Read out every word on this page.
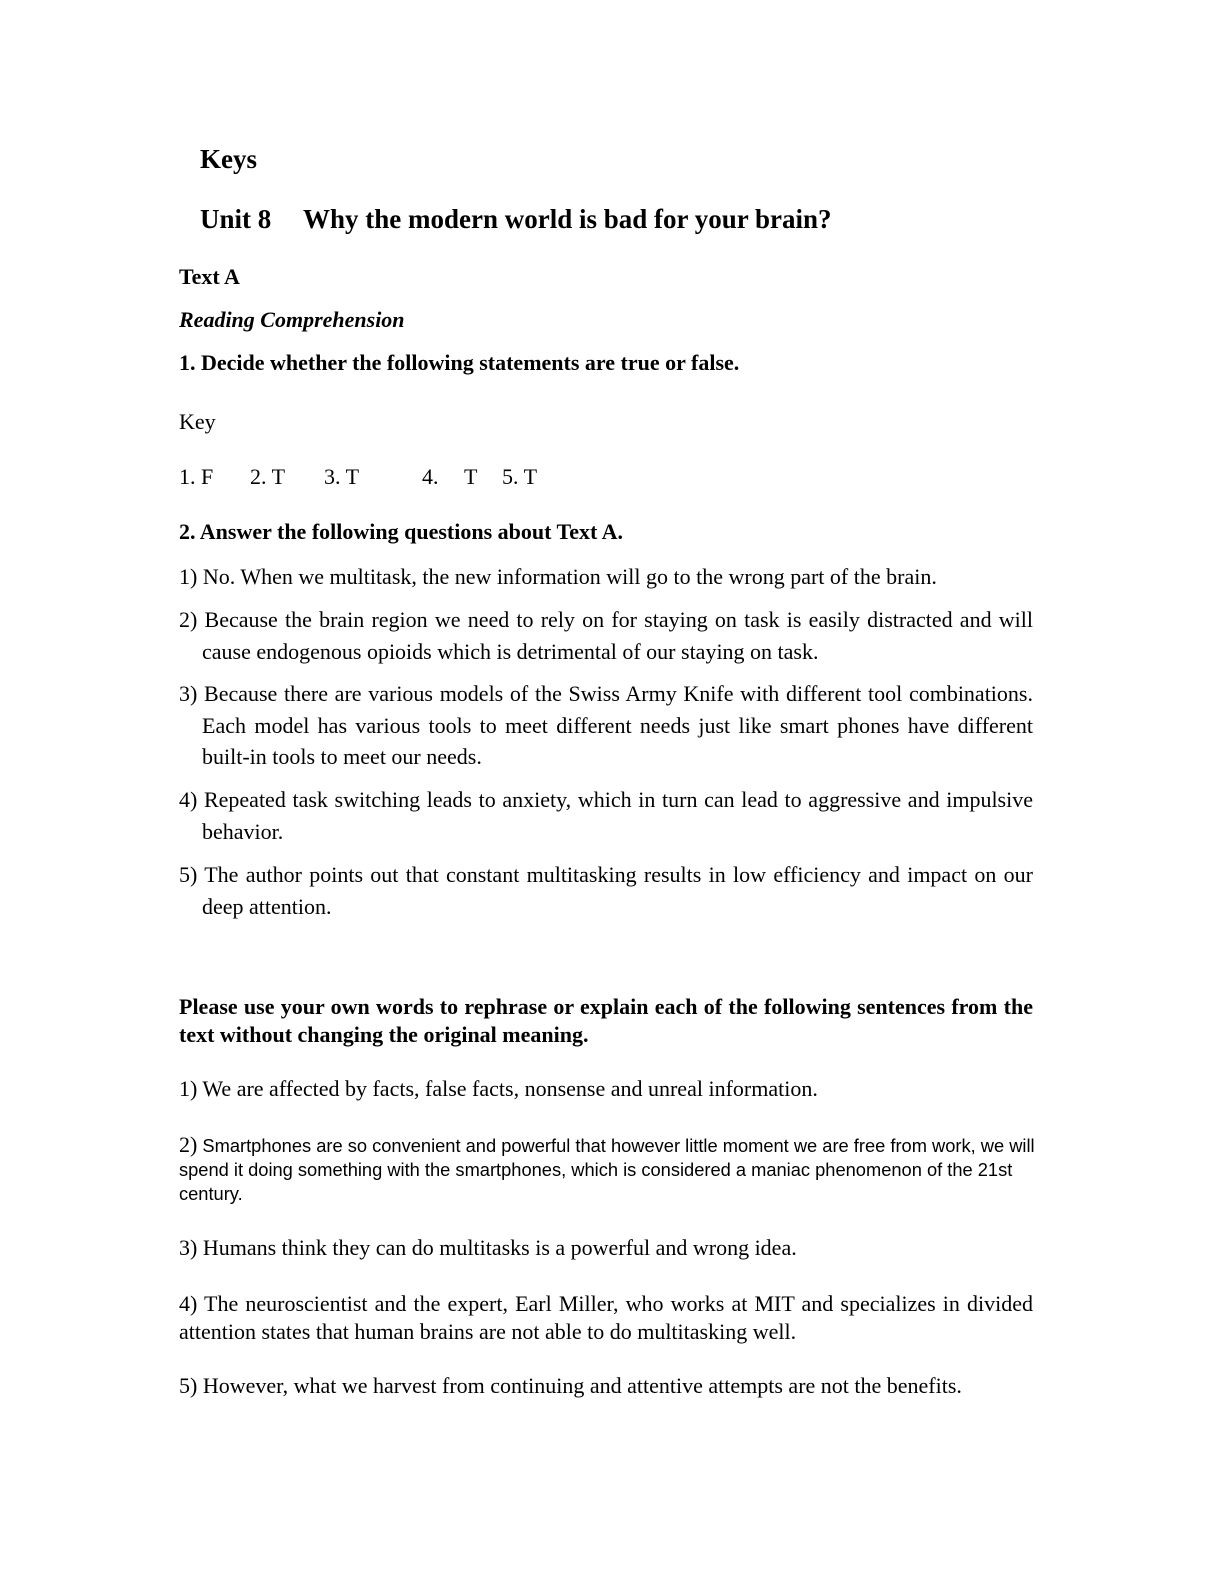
Keys
Unit 8 Why the modern world is bad for your brain?
Text A
Reading Comprehension
1. Decide whether the following statements are true or false.
Key
1. F 2. T 3. T	4. T 5. T
2. Answer the following questions about Text A.
1) No. When we multitask, the new information will go to the wrong part of the brain.
2) Because the brain region we need to rely on for staying on task is easily distracted and will cause endogenous opioids which is detrimental of our staying on task.
3) Because there are various models of the Swiss Army Knife with different tool combinations. Each model has various tools to meet different needs just like smart phones have different built-in tools to meet our needs.
4) Repeated task switching leads to anxiety, which in turn can lead to aggressive and impulsive behavior.
5) The author points out that constant multitasking results in low efficiency and impact on our deep attention.
Please use your own words to rephrase or explain each of the following sentences from the text without changing the original meaning.
1) We are affected by facts, false facts, nonsense and unreal information.
2) Smartphones are so convenient and powerful that however little moment we are free from work, we will spend it doing something with the smartphones, which is considered a maniac phenomenon of the 21st century.
3) Humans think they can do multitasks is a powerful and wrong idea.
4) The neuroscientist and the expert, Earl Miller, who works at MIT and specializes in divided attention states that human brains are not able to do multitasking well.
5) However, what we harvest from continuing and attentive attempts are not the benefits.
